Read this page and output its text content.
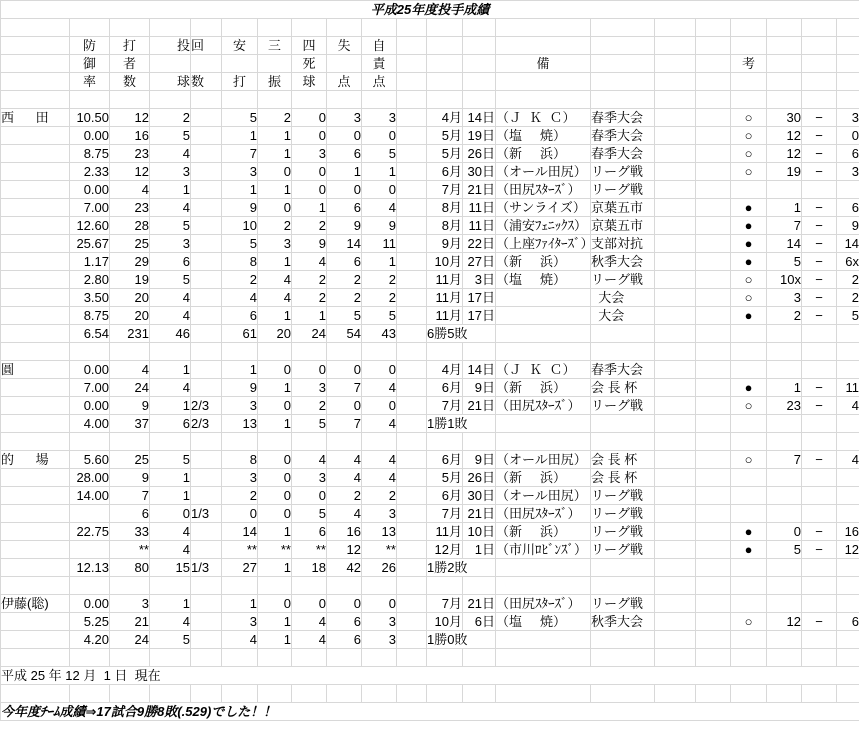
平成25年度投手成績																				

	防	打	投	回	安	三	四	失	自											
	御	者					死		責				備				考			
	率	数	球	数	打	振	球	点	点											

西      田	10.50	12	2		5	2	0	3	3		4月	14日	（Ｊ  Ｋ  Ｃ）	春季大会			○	30	−	3
	0.00	16	5		1	1	0	0	0		5月	19日	（塩     焼）	春季大会			○	12	−	0
	8.75	23	4		7	1	3	6	5		5月	26日	（新     浜）	春季大会			○	12	−	6
	2.33	12	3		3	0	0	1	1		6月	30日	（オール田尻）	リーグ戦			○	19	−	3
	0.00	4	1		1	1	0	0	0		7月	21日	（田尻ｽﾀｰｽﾞ）	リーグ戦						
	7.00	23	4		9	0	1	6	4		8月	11日	（サンライズ）	京葉五市			●	1	−	6
	12.60	28	5		10	2	2	9	9		8月	11日	（浦安ﾌｪﾆｯｸｽ）	京葉五市			●	7	−	9
	25.67	25	3		5	3	9	14	11		9月	22日	（上座ﾌｧｲﾀｰｽﾞ）	支部対抗			●	14	−	14
	1.17	29	6		8	1	4	6	1		10月	27日	（新     浜）	秋季大会			●	5	−	6x
	2.80	19	5		2	4	2	2	2		11月	3日	（塩     焼）	リーグ戦			○	10x	−	2
	3.50	20	4		4	4	2	2	2		11月	17日		大会			○	3	−	2
	8.75	20	4		6	1	1	5	5		11月	17日		大会			●	2	−	5
	6.54	231	46		61	20	24	54	43		6勝5敗									

圓	0.00	4	1		1	0	0	0	0		4月	14日	（Ｊ  Ｋ  Ｃ）	春季大会						
	7.00	24	4		9	1	3	7	4		6月	9日	（新     浜）	会 長 杯			●	1	−	11
	0.00	9	1	2/3	3	0	2	0	0		7月	21日	（田尻ｽﾀｰｽﾞ）	リーグ戦			○	23	−	4
	4.00	37	6	2/3	13	1	5	7	4		1勝1敗									

的      場	5.60	25	5		8	0	4	4	4		6月	9日	（オール田尻）	会 長 杯			○	7	−	4
	28.00	9	1		3	0	3	4	4		5月	26日	（新     浜）	会 長 杯						
	14.00	7	1		2	0	0	2	2		6月	30日	（オール田尻）	リーグ戦						
		6	0	1/3	0	0	5	4	3		7月	21日	（田尻ｽﾀｰｽﾞ）	リーグ戦						
	22.75	33	4		14	1	6	16	13		11月	10日	（新     浜）	リーグ戦			●	0	−	16
		**	4		**	**	**	12	**		12月	1日	（市川ﾛﾋﾞﾝｽﾞ）	リーグ戦			●	5	−	12
	12.13	80	15	1/3	27	1	18	42	26		1勝2敗									

伊藤(聡)	0.00	3	1		1	0	0	0	0		7月	21日	（田尻ｽﾀｰｽﾞ）	リーグ戦						
	5.25	21	4		3	1	4	6	3		10月	6日	（塩     焼）	秋季大会			○	12	−	6
	4.20	24	5		4	1	4	6	3		1勝0敗									

平成 25 年 12 月  1 日  現在																				

今年度ﾁｰﾑ成績⇒17試合9勝8敗(.529)でした！！																				
